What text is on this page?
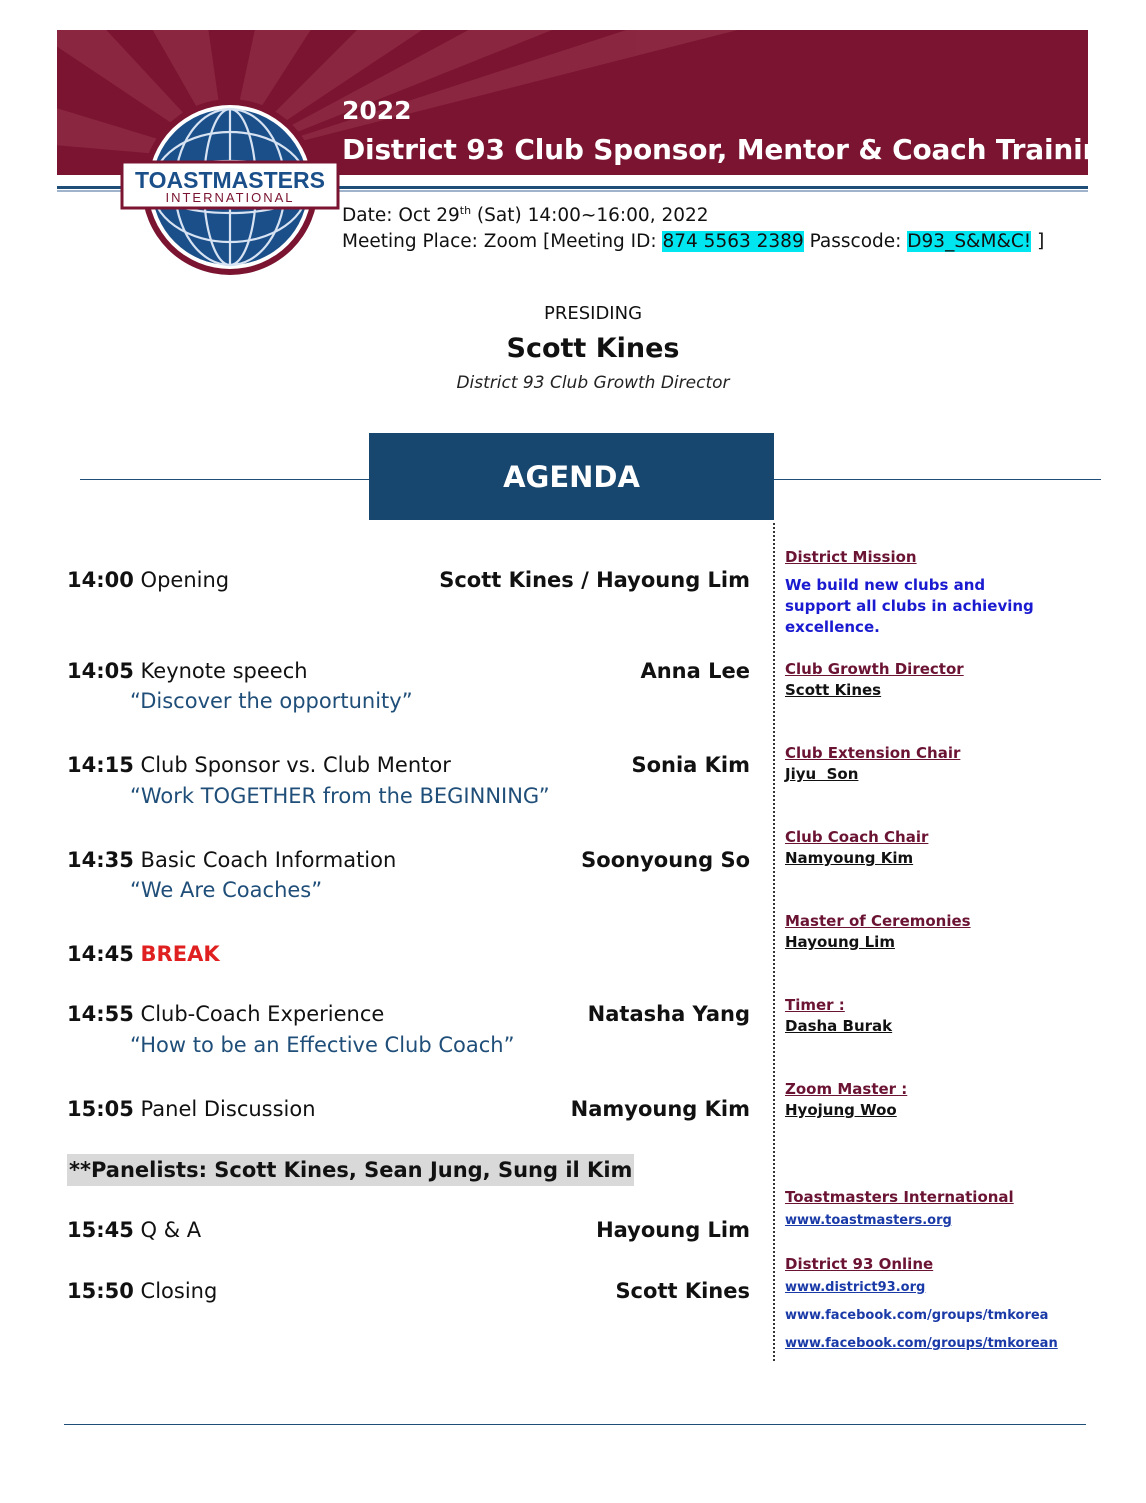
TOASTMASTERS
INTERNATIONAL
2022
District 93 Club Sponsor, Mentor & Coach Training
Date: Oct 29th (Sat) 14:00~16:00, 2022
Meeting Place: Zoom [Meeting ID: 874 5563 2389 Passcode: D93_S&M&C! ]
PRESIDING
Scott Kines
District 93 Club Growth Director
AGENDA
14:00 Opening	Scott Kines / Hayoung Lim
14:05 Keynote speech	Anna Lee
“Discover the opportunity”
14:15 Club Sponsor vs. Club Mentor	Sonia Kim
“Work TOGETHER from the BEGINNING”
14:35 Basic Coach Information	Soonyoung So
“We Are Coaches”
14:45 BREAK
14:55 Club-Coach Experience	Natasha Yang
“How to be an Effective Club Coach”
15:05 Panel Discussion	Namyoung Kim
**Panelists: Scott Kines, Sean Jung, Sung il Kim
15:45 Q & A	Hayoung Lim
15:50 Closing	Scott Kines
District Mission
We build new clubs and support all clubs in achieving excellence.
Club Growth Director
Scott Kines
Club Extension Chair
Jiyu  Son
Club Coach Chair
Namyoung Kim
Master of Ceremonies
Hayoung Lim
Timer :
Dasha Burak
Zoom Master :
Hyojung Woo
Toastmasters International
www.toastmasters.org
District 93 Online
www.district93.org
www.facebook.com/groups/tmkorea
www.facebook.com/groups/tmkorean
